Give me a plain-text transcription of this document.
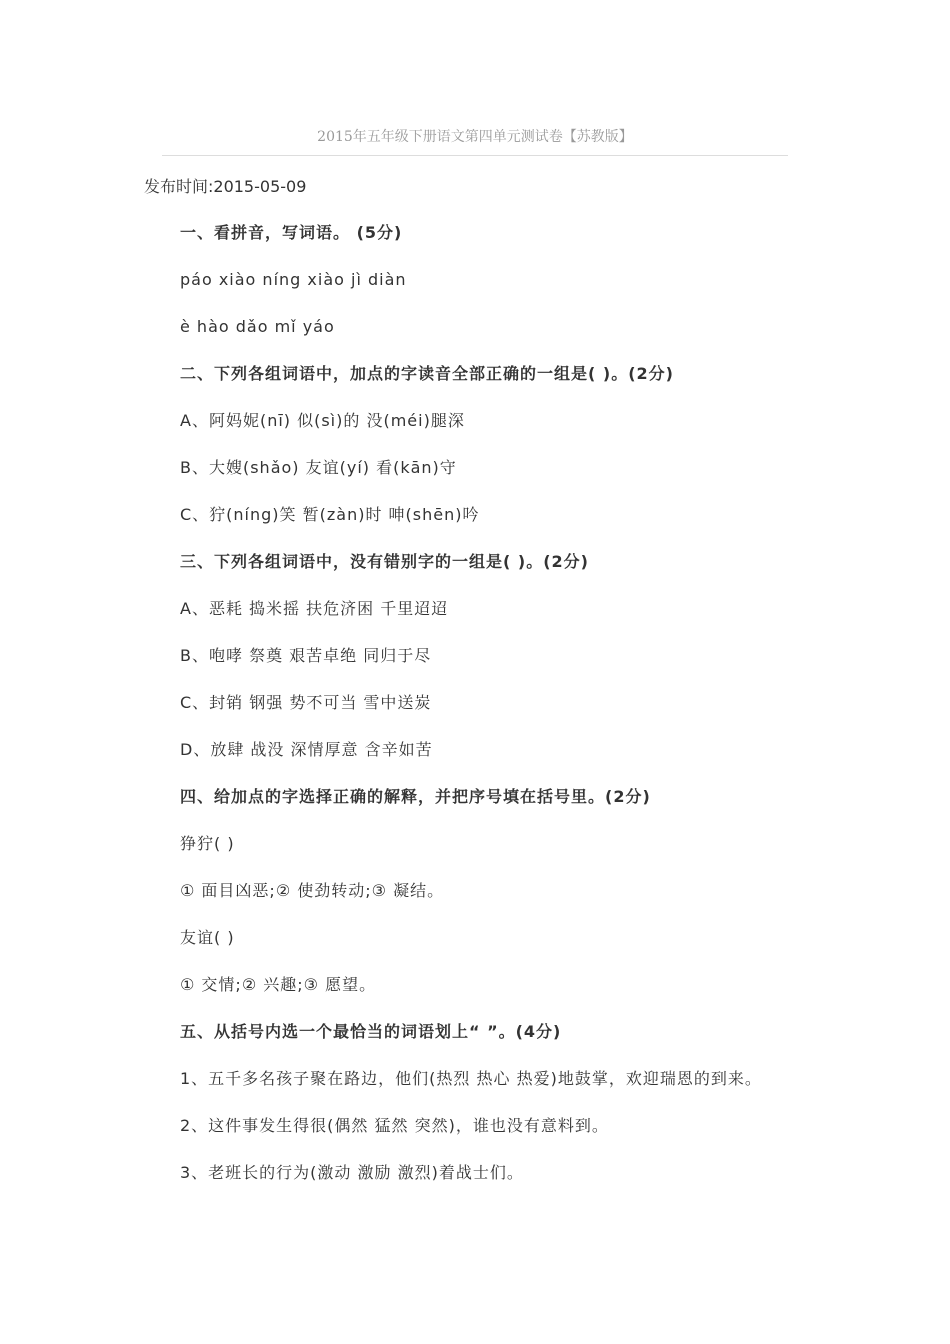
2015年五年级下册语文第四单元测试卷【苏教版】
发布时间:2015-05-09
一、看拼音，写词语。 (5分)
páo xiào níng xiào jì diàn
è hào dǎo mǐ yáo
二、下列各组词语中，加点的字读音全部正确的一组是( )。(2分)
A、阿妈妮(nī) 似(sì)的 没(méi)腿深
B、大嫂(shǎo) 友谊(yí) 看(kān)守
C、狞(níng)笑 暂(zàn)时 呻(shēn)吟
三、下列各组词语中，没有错别字的一组是( )。(2分)
A、恶耗 捣米摇 扶危济困 千里迢迢
B、咆哮 祭奠 艰苦卓绝 同归于尽
C、封销 钢强 势不可当 雪中送炭
D、放肆 战没 深情厚意 含辛如苦
四、给加点的字选择正确的解释，并把序号填在括号里。(2分)
狰狞( )
① 面目凶恶;② 使劲转动;③ 凝结。
友谊( )
① 交情;② 兴趣;③ 愿望。
五、从括号内选一个最恰当的词语划上“ ”。(4分)
1、五千多名孩子聚在路边，他们(热烈 热心 热爱)地鼓掌，欢迎瑞恩的到来。
2、这件事发生得很(偶然 猛然 突然)，谁也没有意料到。
3、老班长的行为(激动 激励 激烈)着战士们。
